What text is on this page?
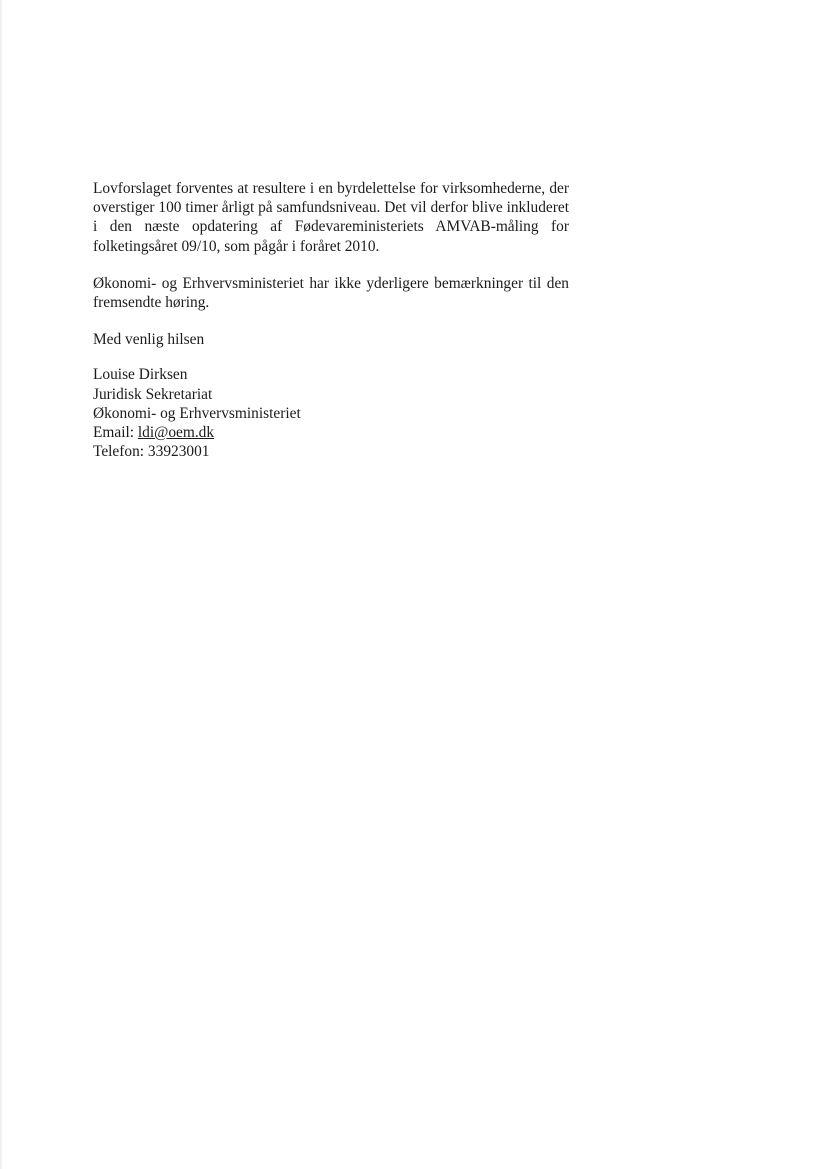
Lovforslaget forventes at resultere i en byrdelettelse for virksomhederne, der overstiger 100 timer årligt på samfundsniveau. Det vil derfor blive inkluderet i den næste opdatering af Fødevareministeriets AMVAB-måling for folketingsåret 09/10, som pågår i foråret 2010.

Økonomi- og Erhvervsministeriet har ikke yderligere bemærkninger til den fremsendte høring.

Med venlig hilsen

Louise Dirksen
Juridisk Sekretariat
Økonomi- og Erhvervsministeriet
Email: ldi@oem.dk
Telefon: 33923001
